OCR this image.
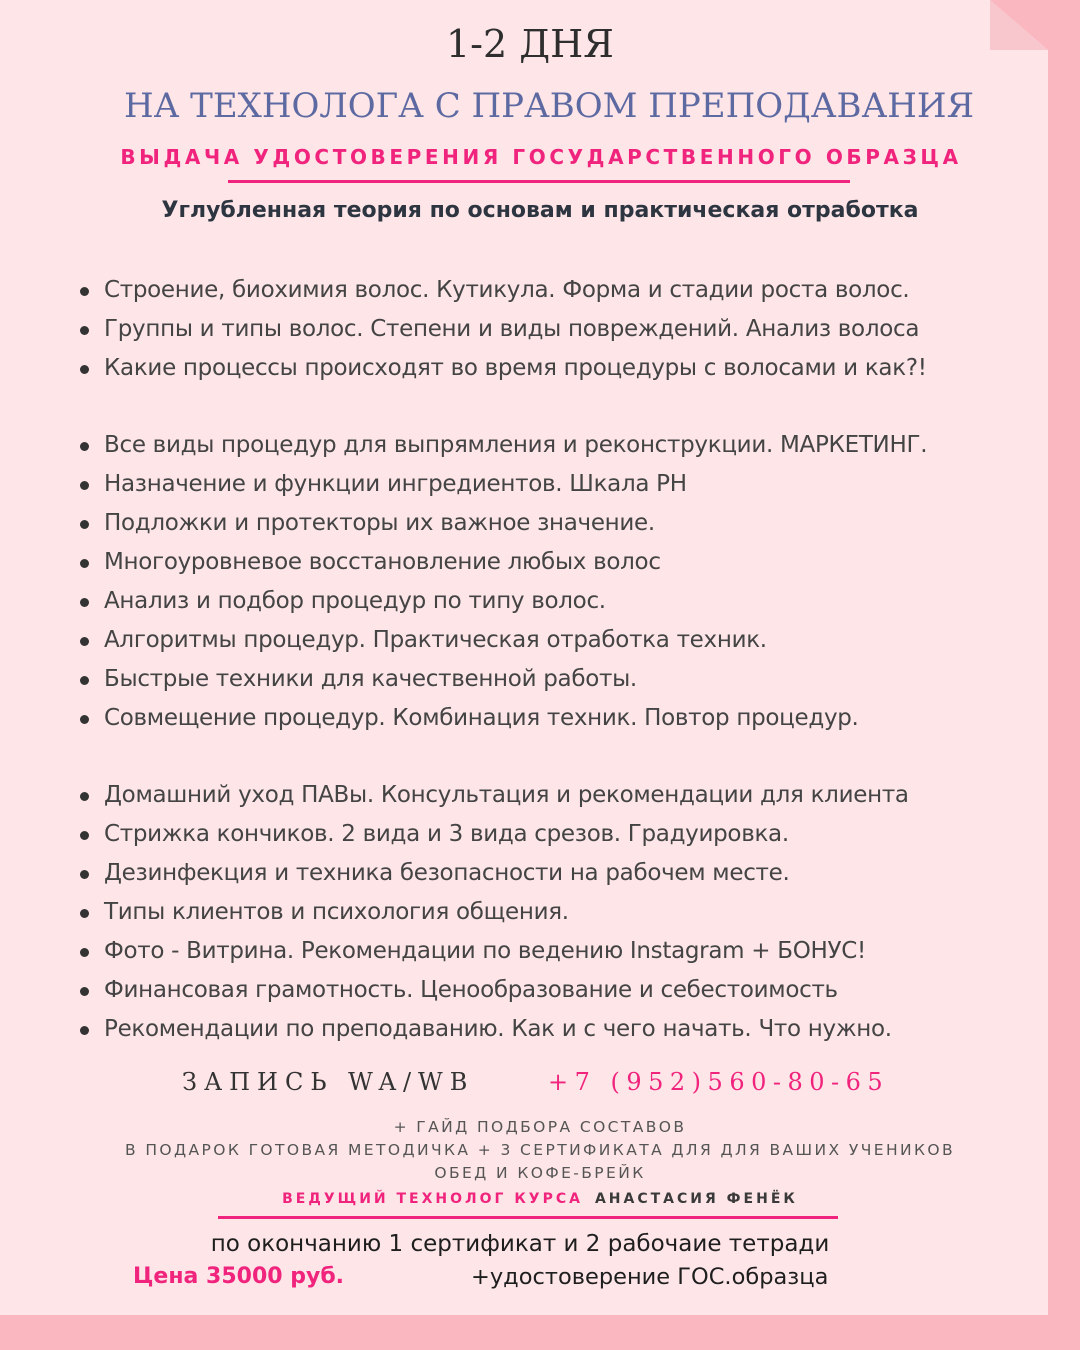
1-2 ДНЯ
НА ТЕХНОЛОГА С ПРАВОМ ПРЕПОДАВАНИЯ
ВЫДАЧА УДОСТОВЕРЕНИЯ ГОСУДАРСТВЕННОГО ОБРАЗЦА
Углубленная теория по основам и практическая отработка
Строение, биохимия волос. Кутикула. Форма и стадии роста волос.
Группы и типы волос. Степени и виды повреждений. Анализ волоса
Какие процессы происходят во время процедуры с волосами и как?!
Все виды процедур для выпрямления и реконструкции. МАРКЕТИНГ.
Назначение и функции ингредиентов. Шкала PH
Подложки и протекторы их важное значение.
Многоуровневое восстановление любых волос
Анализ и подбор процедур по типу волос.
Алгоритмы процедур. Практическая отработка техник.
Быстрые техники для качественной работы.
Совмещение процедур. Комбинация техник. Повтор процедур.
Домашний уход ПАВы. Консультация и рекомендации для клиента
Стрижка кончиков. 2 вида и 3 вида срезов. Градуировка.
Дезинфекция и техника безопасности на рабочем месте.
Типы клиентов и психология общения.
Фото - Витрина. Рекомендации по ведению Instagram + БОНУС!
Финансовая грамотность. Ценообразование и себестоимость
Рекомендации по преподаванию. Как и с чего начать. Что нужно.
ЗАПИСЬ WA/WB	+7 (952)560-80-65
+ ГАЙД ПОДБОРА СОСТАВОВ
В ПОДАРОК ГОТОВАЯ МЕТОДИЧКА + 3 СЕРТИФИКАТА ДЛЯ ДЛЯ ВАШИХ УЧЕНИКОВ
ОБЕД И КОФЕ-БРЕЙК
ВЕДУЩИЙ ТЕХНОЛОГ КУРСА АНАСТАСИЯ ФЕНЁК
по окончанию 1 сертификат и 2 рабочаие тетради
Цена 35000 руб.	+удостоверение ГОС.образца
